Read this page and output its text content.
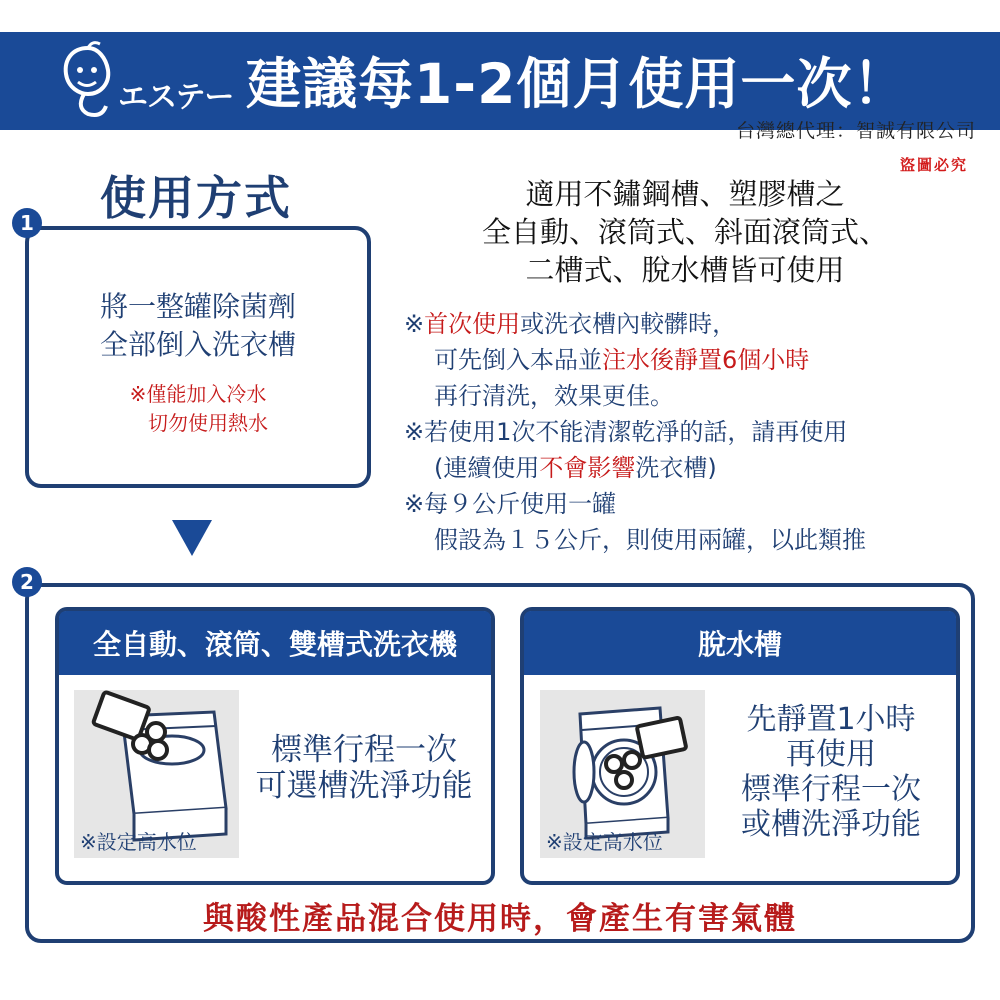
エステー 建議每1-2個月使用一次！
台灣總代理：智誠有限公司
盜圖必究
使用方式
1
將一整罐除菌劑
全部倒入洗衣槽
※僅能加入冷水
切勿使用熱水
適用不鏽鋼槽、塑膠槽之
全自動、滾筒式、斜面滾筒式、
二槽式、脫水槽皆可使用
※首次使用或洗衣槽內較髒時，
可先倒入本品並注水後靜置6個小時
再行清洗，效果更佳。
※若使用1次不能清潔乾淨的話，請再使用
(連續使用不會影響洗衣槽)
※每９公斤使用一罐
假設為１５公斤，則使用兩罐，以此類推
2
全自動、滾筒、雙槽式洗衣機
※設定高水位
標準行程一次
可選槽洗淨功能
脫水槽
※設定高水位
先靜置1小時
再使用
標準行程一次
或槽洗淨功能
與酸性產品混合使用時，會產生有害氣體
